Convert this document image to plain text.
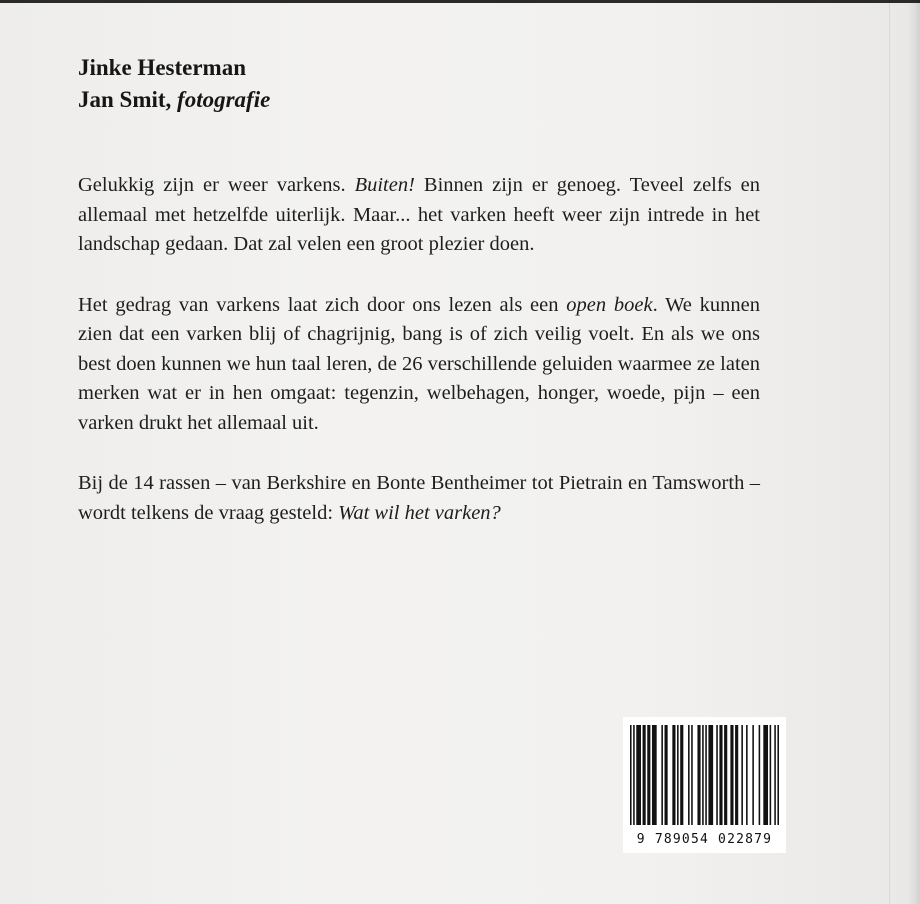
Jinke Hesterman
Jan Smit, fotografie

Gelukkig zijn er weer varkens. Buiten! Binnen zijn er genoeg. Teveel zelfs en allemaal met hetzelfde uiterlijk. Maar... het varken heeft weer zijn intrede in het landschap gedaan. Dat zal velen een groot plezier doen.

Het gedrag van varkens laat zich door ons lezen als een open boek. We kunnen zien dat een varken blij of chagrijnig, bang is of zich veilig voelt. En als we ons best doen kunnen we hun taal leren, de 26 verschillende geluiden waarmee ze laten merken wat er in hen omgaat: tegenzin, welbehagen, honger, woede, pijn – een varken drukt het allemaal uit.

Bij de 14 rassen – van Berkshire en Bonte Bentheimer tot Pietrain en Tamsworth – wordt telkens de vraag gesteld: Wat wil het varken?

9 789054 022879
